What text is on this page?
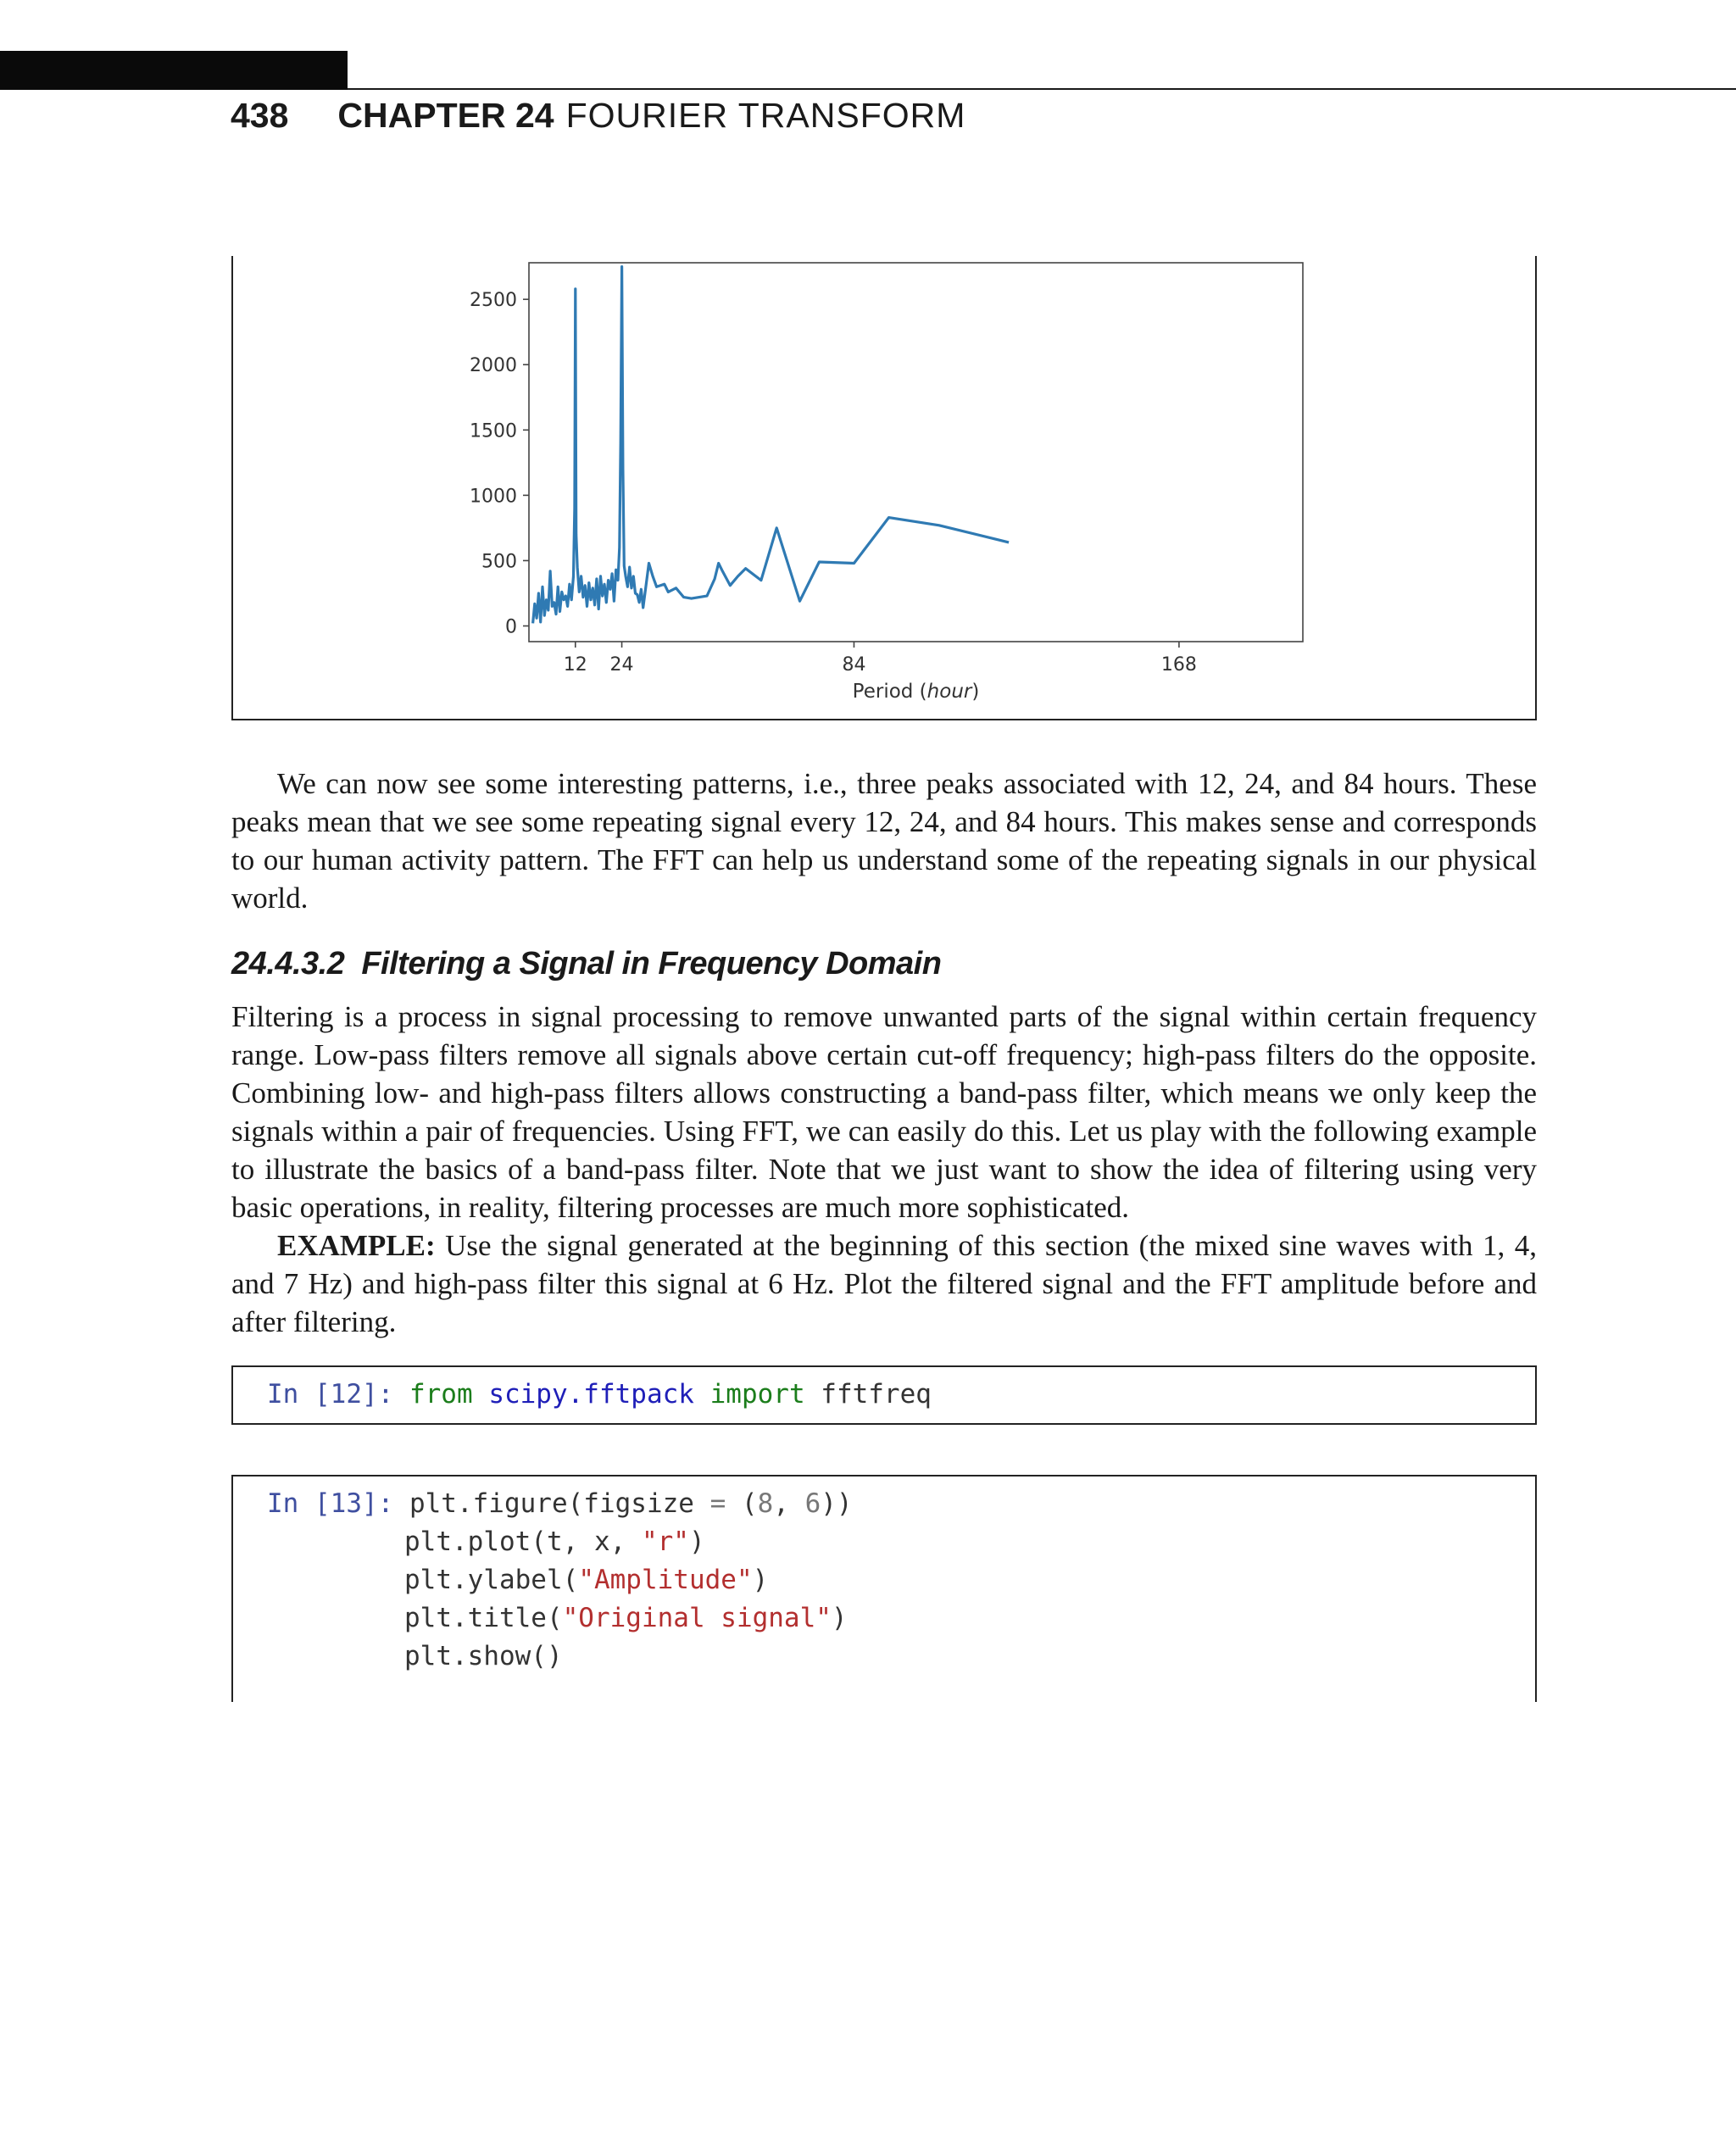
438 CHAPTER 24 FOURIER TRANSFORM
0
500
1000
1500
2000
2500
12 24	84	168
Period (hour)

We can now see some interesting patterns, i.e., three peaks associated with 12, 24, and 84 hours. These peaks mean that we see some repeating signal every 12, 24, and 84 hours. This makes sense and corresponds to our human activity pattern. The FFT can help us understand some of the repeating signals in our physical world.

24.4.3.2 Filtering a Signal in Frequency Domain

Filtering is a process in signal processing to remove unwanted parts of the signal within certain frequency range. Low-pass filters remove all signals above certain cut-off frequency; high-pass filters do the opposite. Combining low- and high-pass filters allows constructing a band-pass filter, which means we only keep the signals within a pair of frequencies. Using FFT, we can easily do this. Let us play with the following example to illustrate the basics of a band-pass filter. Note that we just want to show the idea of filtering using very basic operations, in reality, filtering processes are much more sophisticated.

EXAMPLE: Use the signal generated at the beginning of this section (the mixed sine waves with 1, 4, and 7 Hz) and high-pass filter this signal at 6 Hz. Plot the filtered signal and the FFT amplitude before and after filtering.

In [12]: from scipy.fftpack import fftfreq
In [13]: plt.figure(figsize = (8, 6))
plt.plot(t, x, "r")
plt.ylabel("Amplitude")
plt.title("Original signal")
plt.show()
